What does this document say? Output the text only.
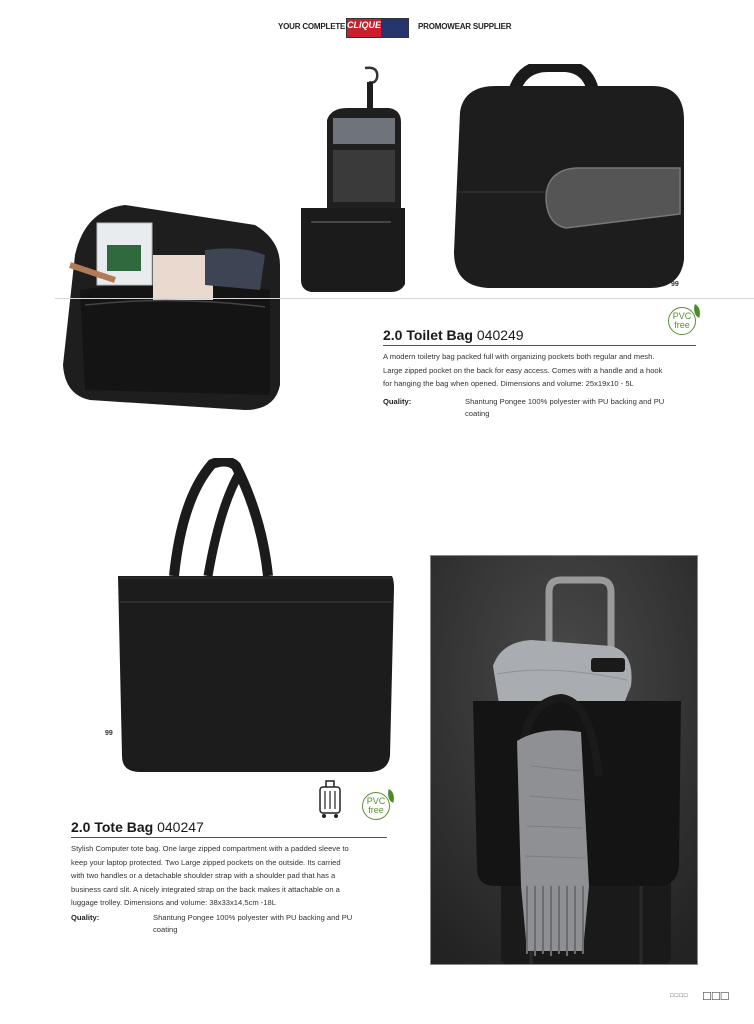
YOUR COMPLETE CLIQUE	PROMOWEAR SUPPLIER
99
PVC
free
2.0 Toilet Bag 040249
A modern toiletry bag packed full with organizing pockets both regular and mesh.
Large zipped pocket on the back for easy access. Comes with a handle and a hook
for hanging the bag when opened. Dimensions and volume: 25x19x10 - 5L
Quality:	Shantung Pongee 100% polyester with PU backing and PU
coating
99
PVC
free
2.0 Tote Bag 040247
Stylish Computer tote bag. One large zipped compartment with a padded sleeve to
keep your laptop protected. Two Large zipped pockets on the outside. Its carried
with two handles or a detachable shoulder strap with a shoulder pad that has a
business card slit. A nicely integrated strap on the back makes it attachable on a
luggage trolley. Dimensions and volume: 38x33x14,5cm -18L
Quality:	Shantung Pongee 100% polyester with PU backing and PU
coating
□□□□ □□□
